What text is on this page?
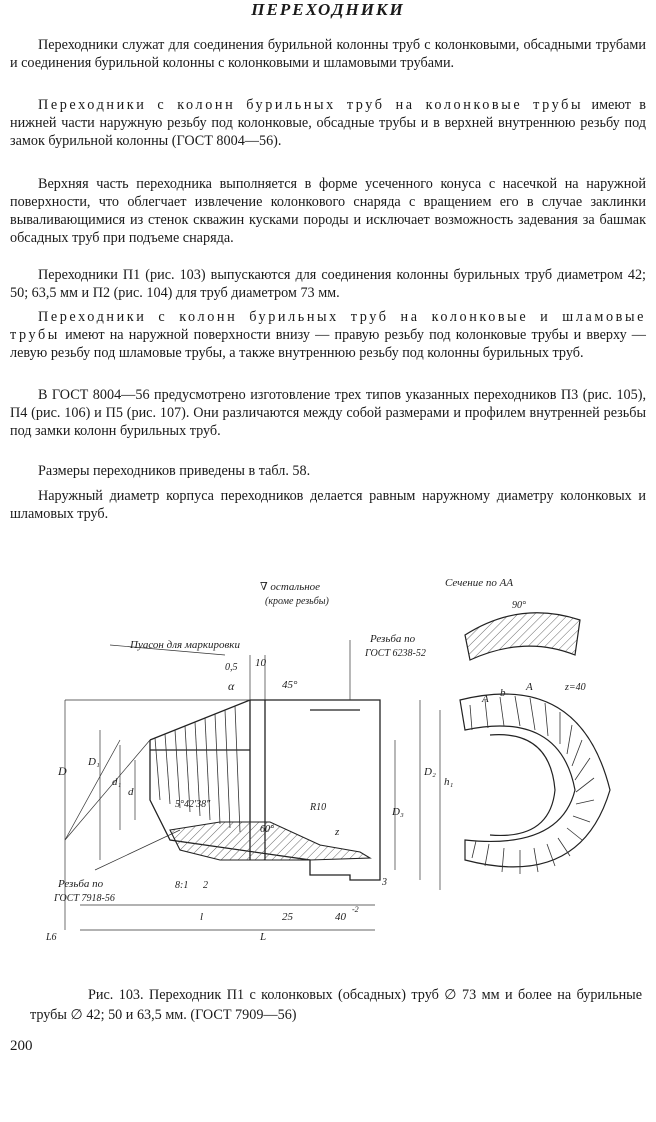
ПЕРЕХОДНИКИ

Переходники служат для соединения бурильной колонны труб с колонковыми, обсадными трубами и соединения бурильной колонны с колонковыми и шламовыми трубами.

Переходники с колонн бурильных труб на колонковые трубы имеют в нижней части наружную резьбу под колонковые, обсадные трубы и в верхней внутреннюю резьбу под замок бурильной колонны (ГОСТ 8004—56).

Верхняя часть переходника выполняется в форме усеченного конуса с насечкой на наружной поверхности, что облегчает извлечение колонкового снаряда с вращением его в случае заклинки вываливающимися из стенок скважин кусками породы и исключает возможность задевания за башмак обсадных труб при подъеме снаряда.

Переходники П1 (рис. 103) выпускаются для соединения колонны бурильных труб диаметром 42; 50; 63,5 мм и П2 (рис. 104) для труб диаметром 73 мм.

Переходники с колонн бурильных труб на колонковые и шламовые трубы имеют на наружной поверхности внизу — правую резьбу под колонковые трубы и вверху — левую резьбу под шламовые трубы, а также внутреннюю резьбу под колонны бурильных труб.

В ГОСТ 8004—56 предусмотрено изготовление трех типов указанных переходников П3 (рис. 105), П4 (рис. 106) и П5 (рис. 107). Они различаются между собой размерами и профилем внутренней резьбы под замки колонн бурильных труб.

Размеры переходников приведены в табл. 58.

Наружный диаметр корпуса переходников делается равным наружному диаметру колонковых и шламовых труб.

∇ остальное
(кроме резьбы)
Сечение по АА
90°
Пуасон для маркировки	Резьба по
ГОСТ 6238-52
10
0,5
45°
α
D
D₁
d₁
d
D₂
h₁
D₃
5°42'38"	R10
60°	z
8:1 2	3
Резьба по
ГОСТ 7918-56
l	25	40
-2
L
L6
A b A	z=40

Рис. 103. Переходник П1 с колонковых (обсадных) труб ∅ 73 мм и более на бурильные трубы ∅ 42; 50 и 63,5 мм. (ГОСТ 7909—56)

200
